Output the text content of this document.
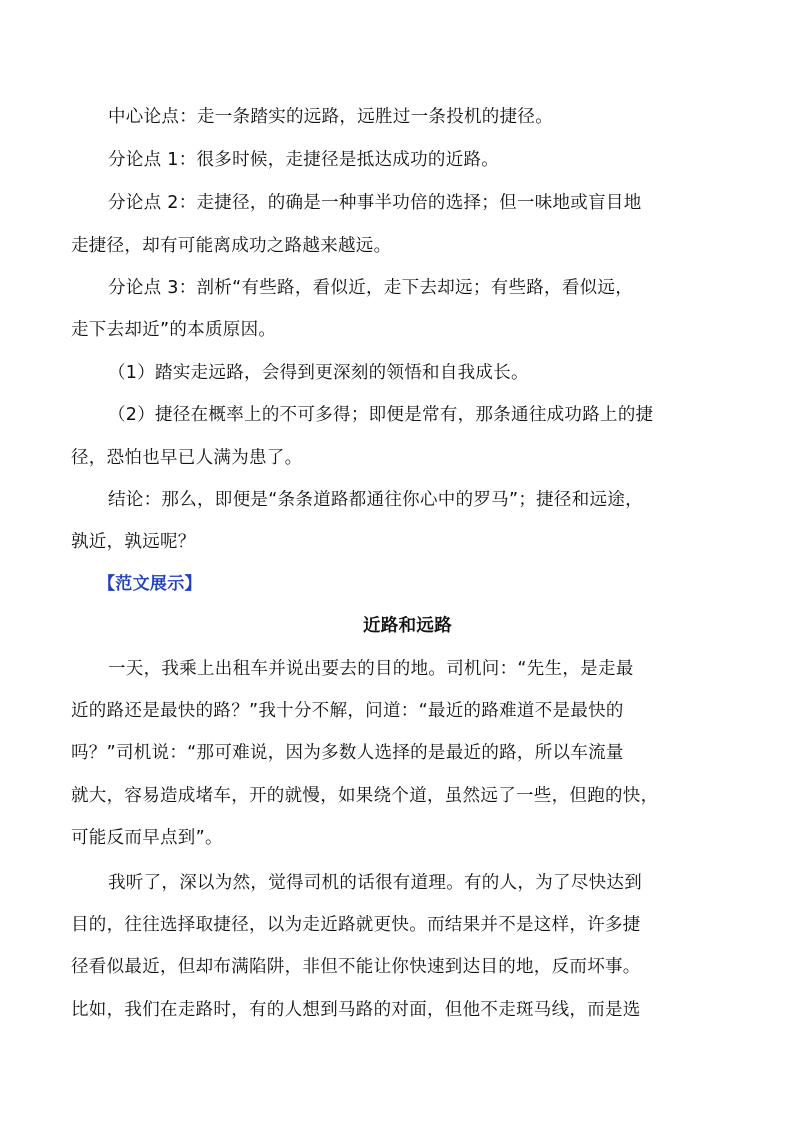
中心论点：走一条踏实的远路，远胜过一条投机的捷径。
分论点 1：很多时候，走捷径是抵达成功的近路。
分论点 2：走捷径，的确是一种事半功倍的选择；但一味地或盲目地
走捷径，却有可能离成功之路越来越远。
分论点 3：剖析“有些路，看似近，走下去却远；有些路，看似远，
走下去却近”的本质原因。
（1）踏实走远路，会得到更深刻的领悟和自我成长。
（2）捷径在概率上的不可多得；即便是常有，那条通往成功路上的捷
径，恐怕也早已人满为患了。
结论：那么，即便是“条条道路都通往你心中的罗马”；捷径和远途，
孰近，孰远呢？
【范文展示】
近路和远路
一天，我乘上出租车并说出要去的目的地。司机问：“先生，是走最
近的路还是最快的路？”我十分不解，问道：“最近的路难道不是最快的
吗？”司机说：“那可难说，因为多数人选择的是最近的路，所以车流量
就大，容易造成堵车，开的就慢，如果绕个道，虽然远了一些，但跑的快，
可能反而早点到”。
我听了，深以为然，觉得司机的话很有道理。有的人，为了尽快达到
目的，往往选择取捷径，以为走近路就更快。而结果并不是这样，许多捷
径看似最近，但却布满陷阱，非但不能让你快速到达目的地，反而坏事。
比如，我们在走路时，有的人想到马路的对面，但他不走斑马线，而是选
